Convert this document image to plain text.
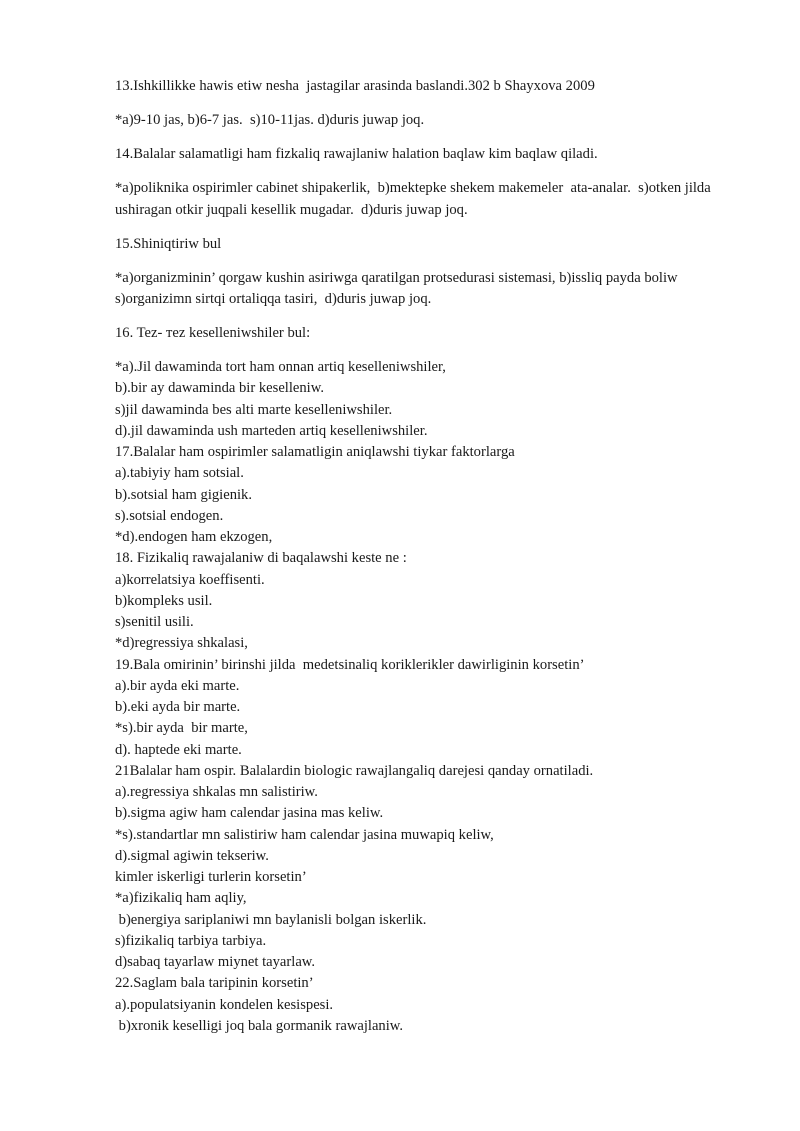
13.Ishkillikke hawis etiw nesha  jastagilar arasinda baslandi.302 b Shayxova 2009

*a)9-10 jas, b)6-7 jas.  s)10-11jas. d)duris juwap joq.

14.Balalar salamatligi ham fizkaliq rawajlaniw halation baqlaw kim baqlaw qiladi.

*a)poliknika ospirimler cabinet shipakerlik,  b)mektepke shekem makemeler  ata-analar.  s)otken jilda ushiragan otkir juqpali kesellik mugadar.  d)duris juwap joq.

15.Shiniqtiriw bul

*a)organizminin’ qorgaw kushin asiriwga qaratilgan protsedurasi sistemasi, b)issliq payda boliw s)organizimn sirtqi ortaliqqa tasiri,  d)duris juwap joq.

16. Tez- тez keselleniwshiler bul:

*a).Jil dawaminda tort ham onnan artiq keselleniwshiler,
b).bir ay dawaminda bir keselleniw.
s)jil dawaminda bes alti marte keselleniwshiler.
d).jil dawaminda ush marteden artiq keselleniwshiler.
17.Balalar ham ospirimler salamatligin aniqlawshi tiykar faktorlarga
a).tabiyiy ham sotsial.
b).sotsial ham gigienik.
s).sotsial endogen.
*d).endogen ham ekzogen,
18. Fizikaliq rawajalaniw di baqalawshi keste ne :
a)korrelatsiya koeffisenti.
b)kompleks usil.
s)senitil usili.
*d)regressiya shkalasi,
19.Bala omirinin’ birinshi jilda  medetsinaliq koriklerikler dawirliginin korsetin’
a).bir ayda eki marte.
b).eki ayda bir marte.
*s).bir ayda  bir marte,
d). haptede eki marte.
21Balalar ham ospir. Balalardin biologic rawajlangaliq darejesi qanday ornatiladi.
a).regressiya shkalas mn salistiriw.
b).sigma agiw ham calendar jasina mas keliw.
*s).standartlar mn salistiriw ham calendar jasina muwapiq keliw,
d).sigmal agiwin tekseriw.
kimler iskerligi turlerin korsetin’
*a)fizikaliq ham aqliy,
b)energiya sariplaniwi mn baylanisli bolgan iskerlik.
s)fizikaliq tarbiya tarbiya.
d)sabaq tayarlaw miynet tayarlaw.
22.Saglam bala taripinin korsetin’
a).populatsiyanin kondelen kesispesi.
b)xronik keselligi joq bala gormanik rawajlaniw.
